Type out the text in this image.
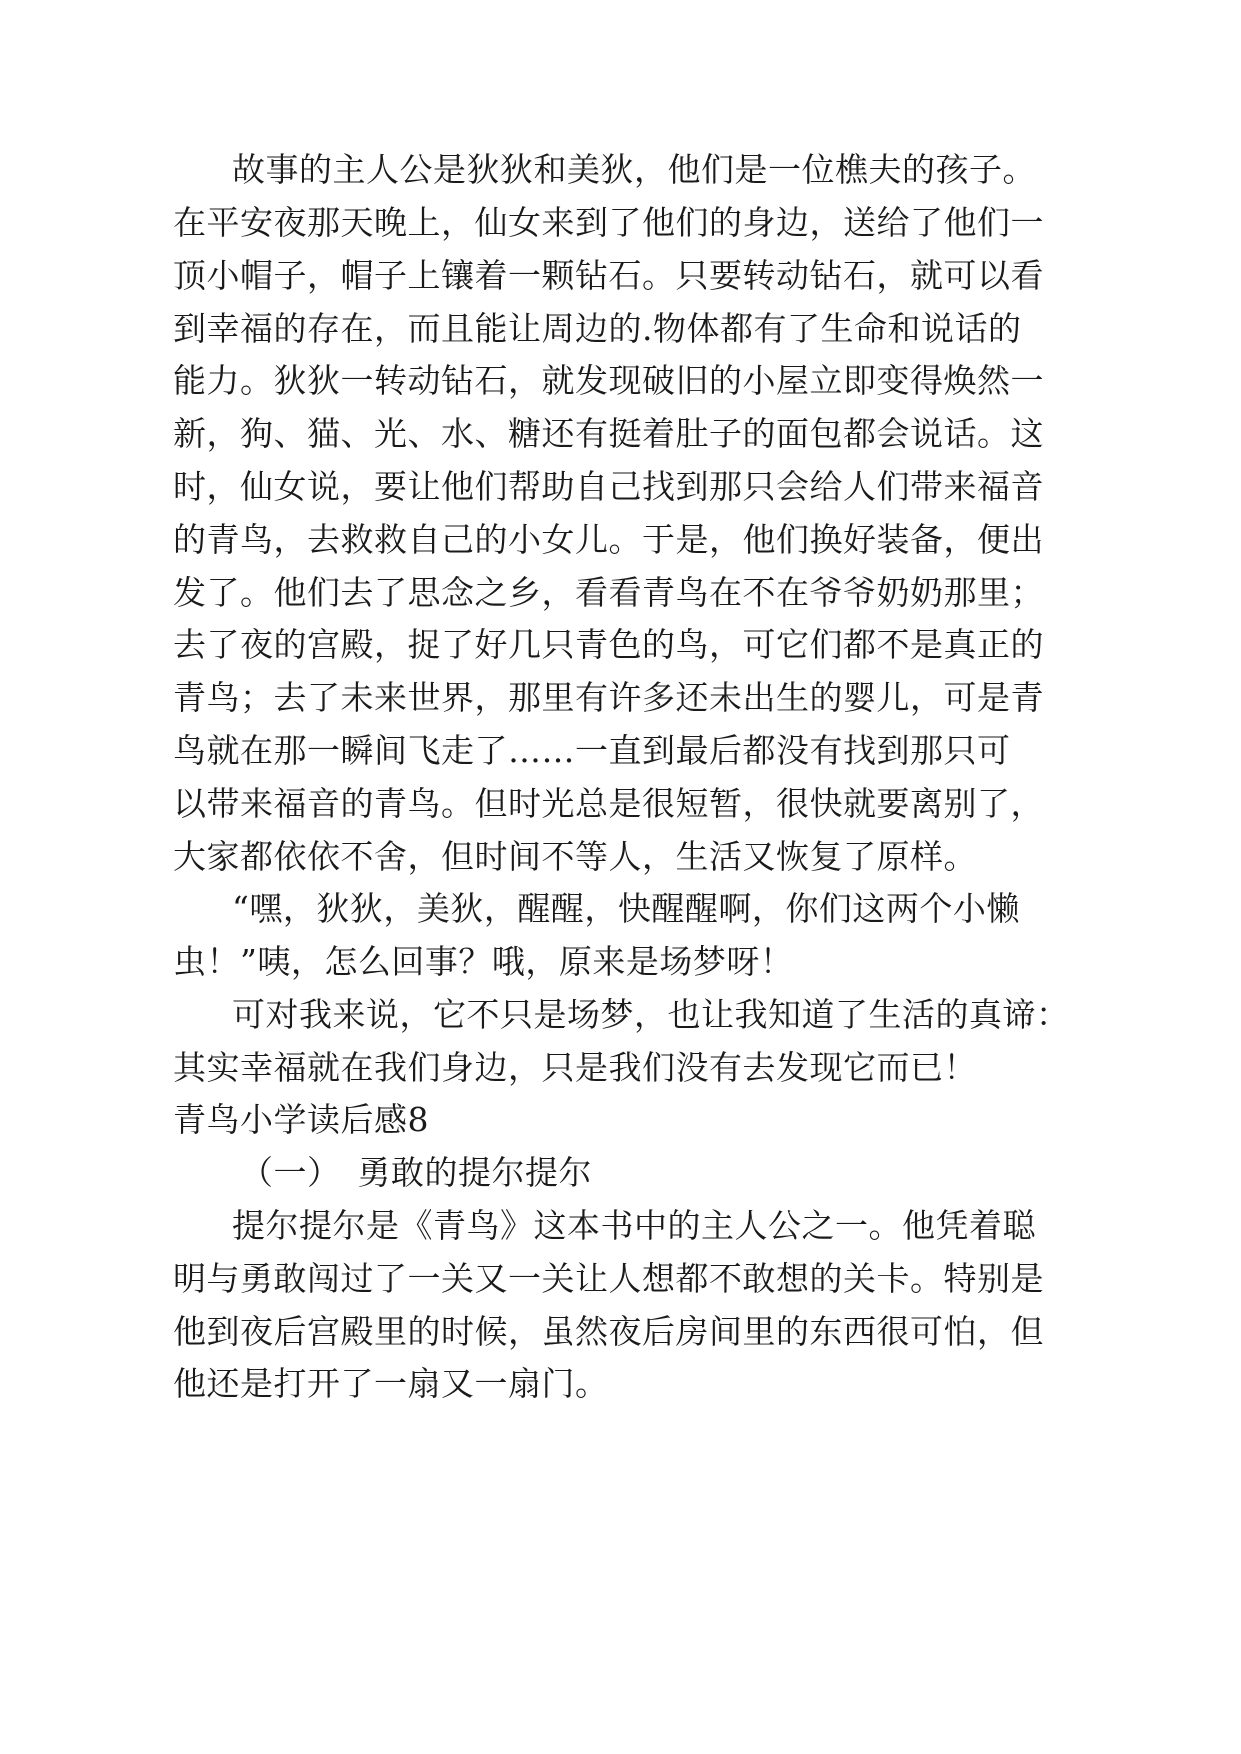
故事的主人公是狄狄和美狄，他们是一位樵夫的孩子。
在平安夜那天晚上，仙女来到了他们的身边，送给了他们一
顶小帽子，帽子上镶着一颗钻石。只要转动钻石，就可以看
到幸福的存在，而且能让周边的.物体都有了生命和说话的
能力。狄狄一转动钻石，就发现破旧的小屋立即变得焕然一
新，狗、猫、光、水、糖还有挺着肚子的面包都会说话。这
时，仙女说，要让他们帮助自己找到那只会给人们带来福音
的青鸟，去救救自己的小女儿。于是，他们换好装备，便出
发了。他们去了思念之乡，看看青鸟在不在爷爷奶奶那里；
去了夜的宫殿，捉了好几只青色的鸟，可它们都不是真正的
青鸟；去了未来世界，那里有许多还未出生的婴儿，可是青
鸟就在那一瞬间飞走了……一直到最后都没有找到那只可
以带来福音的青鸟。但时光总是很短暂，很快就要离别了，
大家都依依不舍，但时间不等人，生活又恢复了原样。
“嘿，狄狄，美狄，醒醒，快醒醒啊，你们这两个小懒
虫！”咦，怎么回事？哦，原来是场梦呀！
可对我来说，它不只是场梦，也让我知道了生活的真谛：
其实幸福就在我们身边，只是我们没有去发现它而已！
青鸟小学读后感8
（一）　勇敢的提尔提尔
提尔提尔是《青鸟》这本书中的主人公之一。他凭着聪
明与勇敢闯过了一关又一关让人想都不敢想的关卡。特别是
他到夜后宫殿里的时候，虽然夜后房间里的东西很可怕，但
他还是打开了一扇又一扇门。
